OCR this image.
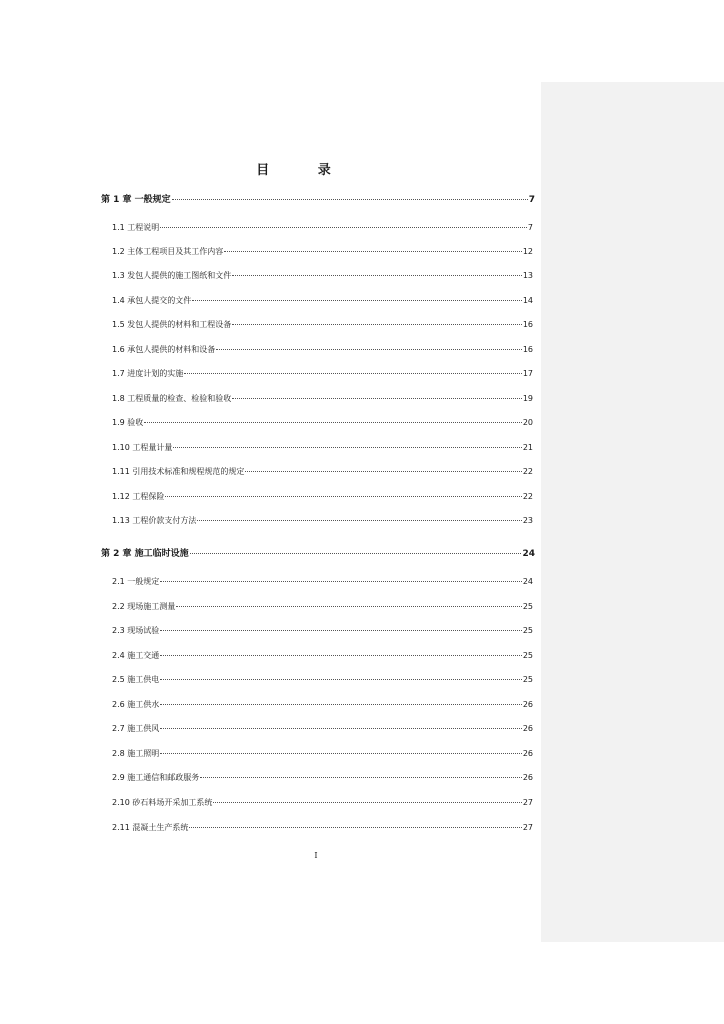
目 录
第 1 章 一般规定	7
1.1 工程说明	7
1.2 主体工程项目及其工作内容	12
1.3 发包人提供的施工图纸和文件	13
1.4 承包人提交的文件	14
1.5 发包人提供的材料和工程设备	16
1.6 承包人提供的材料和设备	16
1.7 进度计划的实施	17
1.8 工程质量的检查、检验和验收	19
1.9 验收	20
1.10 工程量计量	21
1.11 引用技术标准和规程规范的规定	22
1.12 工程保险	22
1.13 工程价款支付方法	23
第 2 章 施工临时设施	24
2.1 一般规定	24
2.2 现场施工测量	25
2.3 现场试验	25
2.4 施工交通	25
2.5 施工供电	25
2.6 施工供水	26
2.7 施工供风	26
2.8 施工照明	26
2.9 施工通信和邮政服务	26
2.10 砂石料场开采加工系统	27
2.11 混凝土生产系统	27
I
